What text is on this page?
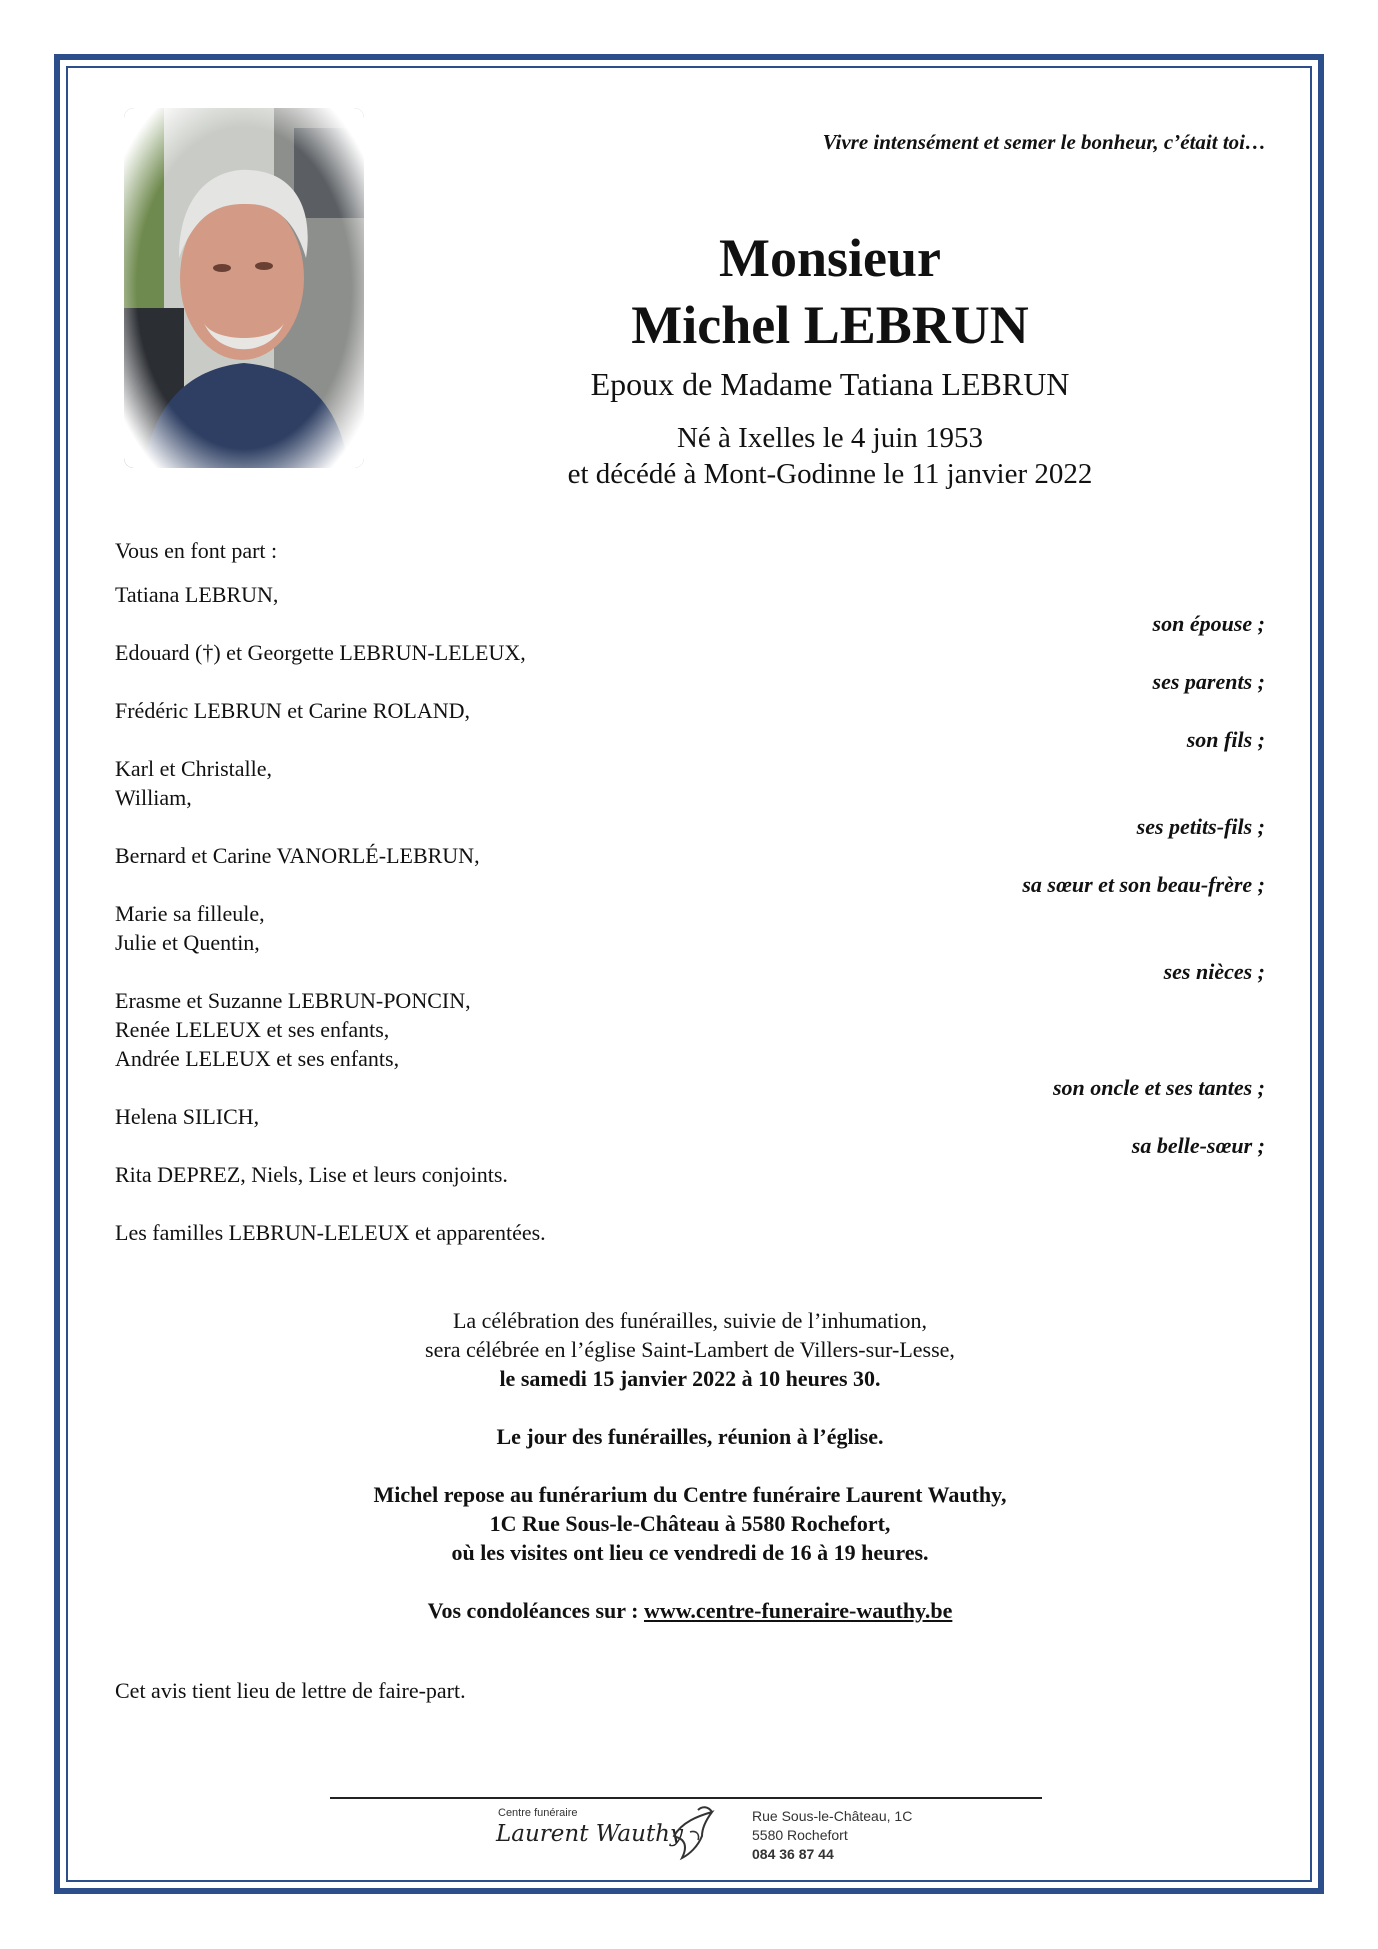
Vivre intensément et semer le bonheur, c’était toi…
Monsieur
Michel LEBRUN
Epoux de Madame Tatiana LEBRUN
Né à Ixelles le 4 juin 1953
et décédé à Mont-Godinne le 11 janvier 2022
Vous en font part :
Tatiana LEBRUN,
son épouse ;
Edouard (†) et Georgette LEBRUN-LELEUX,
ses parents ;
Frédéric LEBRUN et Carine ROLAND,
son fils ;
Karl et Christalle,
William,
ses petits-fils ;
Bernard et Carine VANORLÉ-LEBRUN,
sa sœur et son beau-frère ;
Marie sa filleule,
Julie et Quentin,
ses nièces ;
Erasme et Suzanne LEBRUN-PONCIN,
Renée LELEUX et ses enfants,
Andrée LELEUX et ses enfants,
son oncle et ses tantes ;
Helena SILICH,
sa belle-sœur ;
Rita DEPREZ, Niels, Lise et leurs conjoints.
Les familles LEBRUN-LELEUX et apparentées.
La célébration des funérailles, suivie de l’inhumation,
sera célébrée en l’église Saint-Lambert de Villers-sur-Lesse,
le samedi 15 janvier 2022 à 10 heures 30.
Le jour des funérailles, réunion à l’église.
Michel repose au funérarium du Centre funéraire Laurent Wauthy,
1C Rue Sous-le-Château à 5580 Rochefort,
où les visites ont lieu ce vendredi de 16 à 19 heures.
Vos condoléances sur : www.centre-funeraire-wauthy.be
Cet avis tient lieu de lettre de faire-part.
Centre funéraire
Laurent Wauthy
Rue Sous-le-Château, 1C
5580 Rochefort
084 36 87 44
